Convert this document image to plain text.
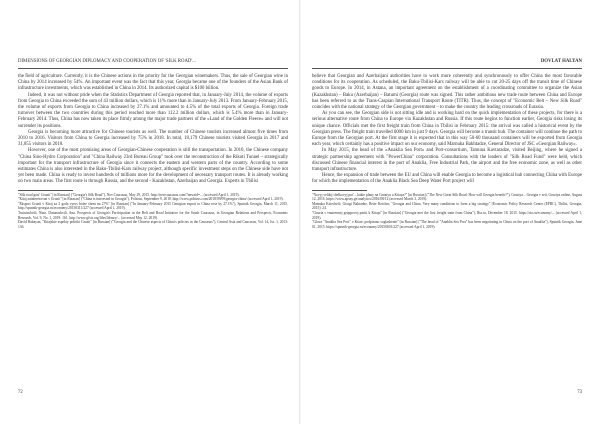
DIMENSIONS OF GEORGIAN DIPLOMACY AND COOPERATION OF 'SILK ROAD'...

the field of agriculture. Currently, it is the Chinese actions in the priority for the Georgian winemakers. Thus, the sale of Georgian wine in China by 2014 increased by 54%. An important event was the fact that this year, Georgia became one of the founders of the Asian Bank of infrastructure investments, which was established in China in 2014. Its authorized capital is $100 billion.

Indeed, it was not without pride when the Statistics Department of Georgia reported that, in January-July 2014, the volume of exports from Georgia to China exceeded the sum of 43 million dollars, which is 11% more than in January-July 2013. From January-February 2015, the volume of exports from Georgia to China increased by 27.1% and amounted to 4.5% of the total exports of Georgia. Foreign trade turnover between the two countries during this period reached more than 112.2 million dollars, which is 5.4% more than in January-February 2014. Thus, China has now taken its place firmly among the major trade partners of the «Land of the Golden Fleece» and will not surrender its positions.

Georgia is becoming more attractive for Chinese tourists as well. The number of Chinese tourists increased almost five times from 2010 to 2016. Visitors from China to Georgia increased by 75% in 2018. In total, 18,179 Chinese tourists visited Georgia in 2017 and 31,855 visitors in 2018.

However, one of the most promising areas of Georgian-Chinese cooperation is still the transportation. In 2010, the Chinese company "China Sino-Hydro Corporation" and "China Railway 23rd Bureau Group" took over the reconstruction of the Rikoti Tunnel – strategically important for the transport infrastructure of Georgia since it connects the eastern and western parts of the country. According to some estimates China is also interested in the Baku-Tbilisi-Kars railway project, although specific investment steps on the Chinese side have not yet been made. China is ready to invest hundreds of millions more for the development of necessary transport routes. It is already working on two main areas. The first route is through Russia, and the second - Kazakhstan, Azerbaijan and Georgia. Experts in Tbilisi

"Silk road gost' Gruzii" [in Russian] ("Georgia's Silk Road"), Nov.Caucasus, May 29, 2015. http://newcaucasus.com/?newsid=... (accessed April 1, 2019).
"Kitaj zainteresovan v Gruzii" [in Russian] ("China is interested in Georgia"), Politrus, September 9, 2018. http://www.politrus.com/2018/09/09/georgia-china/ (accessed April 1, 2019).
"Eksport Gruzii v Kitaj za 2 goda vyros bolee chem na 27%" [in Russian] ("In January-February 2015 Georgian export to China rose by 27.1%"), Sputnik Georgia, March 11, 2015. http://sputnik-georgia.ru/economy/20150311/227 (accessed April 1, 2019).
Tsotniashvili, Nino. Datunashvili, Ana. Prospects of Georgia's Participation in the Belt and Road Initiative for the South Caucasus, in Georgian Relations and Prospects, Economic Research, Vol. 9, No. 1, 2019: 161. http://www.gfsis.org/files/library/... (accessed May 12, 2019).
David Babayan, "Kitajskie aspekty politiki Gruzii" [in Russian] ("Georgia and the Chinese aspects of China's policies in the Caucasus"), Central Asia and Caucasus, Vol. 14, Iss. 1, 2013: 136.
72
DOVLAT HALYAN

believe that Georgian and Azerbaijani authorities have to work more coherently and synchronously to offer China the most favorable conditions for its cooperation. As scheduled, the Baku-Tbilisi-Kars railway will be able to cut 20-25 days off the transit time of Chinese goods to Europe. In 2014, in Astana, an important agreement on the establishment of a coordinating committee to organize the Asian (Kazakhstan) – Baku (Azerbaijan) – Batumi (Georgia) route was signed. This rather ambitious new trade route between China and Europe has been referred to as the Trans-Caspian International Transport Route (TITR). Thus, the concept of "Economic Belt – New Silk Road" coincides with the national strategy of the Georgian government – to make the country the leading crossroads of Eurasia.

As you can see, the Georgian side is not sitting idle and is working hard on the quick implementation of these projects, for there is a serious alternative route from China to Europe via Kazakhstan and Russia. If this route begins to function earlier, Georgia risks losing its unique chance. Officials met the first freight train from China in Tbilisi in February 2015: the arrival was called a historical event by the Georgian press. The freight train travelled 6000 km in just 9 days. Georgia will become a transit hub. The container will continue the path to Europe from the Georgian port. At the first stage it is expected that in this way 50-60 thousand containers will be exported from Georgia each year, which certainly has a positive impact on our economy, said Marnuka Bakhtadze, General Director of JSC «Georgian Railway».

In May 2015, the head of the «Anaklia Sea Port» and Port-consortium, Tamuna Kavtaradze, visited Beijing, where he signed a strategic partnership agreement with "PowerChina" corporation. Consultations with the leaders of "Silk Road Fund" were held, which discussed Chinese financial interest in the port of Anaklia, Free Industrial Park, the airport and the free economic zone, as well as other transport infrastructure.

Hence, the expansion of trade between the EU and China will enable Georgia to become a logistical hub connecting China with Europe for which the implementation of the Anaklia Black Sea Deep Water Port project will

"Novyj velikij shelkovyj put' – kakie plany na Gruziyu u Kitaya?" [in Russian] ("The New Great Silk Road: How will Georgia benefit?"), Gruziya – Georgia v seti, Gruziya online, August 12, 2016. https://www.apsny.ge/analytics/2016/08/12 (accessed March 3, 2019).
Mamuka Kitoshvili, Giorgi Bakradze, Bette Ketcher, "Georgia and China. Very many conditions to form a big strategy" [Economic Policy Research Center (EPRC), Tbilisi, Georgia, 2015]: 24.
"Gruzia s vnutrennej gruppovoj partii k Kitaju" [in Russian] ("Georgia met the first freight train from China"), Ria.ru, December 18, 2015. https://ria.ru/economy/... (accessed April 1, 2019).
"Glava "Anaklia Sea Port" v Kitae: podpisano soglashenie" [in Russian] ("The head of "Anaklia Sea Port" has been negotiating in China on the port of Anaklia"), Sputnik Georgia, June 01, 2015. https://sputnik-georgia.ru/economy/20150601/227 (accessed April 1, 2019).
73
